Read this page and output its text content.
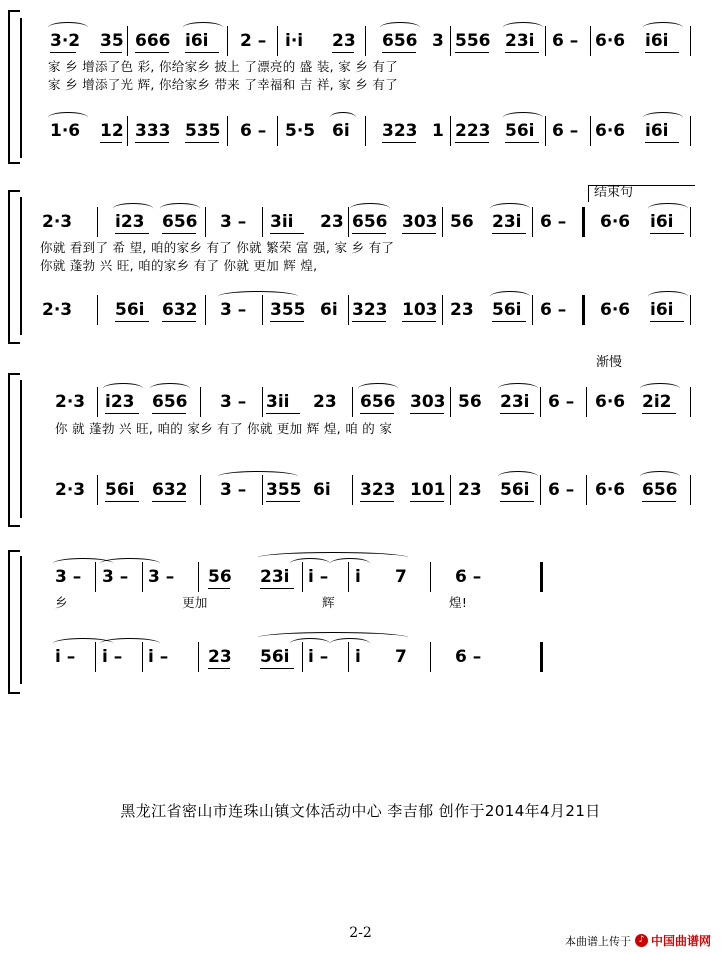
3·2 35 666 i6i 2 – i·i 23 656 3 556 23i 6 – 6·6 i6i
家 乡 增添了色 彩, 你给家乡 披上 了漂亮的 盛 装, 家 乡 有了
家 乡 增添了光 辉, 你给家乡 带来 了幸福和 吉 祥, 家 乡 有了
1·6 12 333 535 6 – 5·5 6i 323 1 223 56i 6 – 6·6 i6i
结束句
2·3	i23 656 3 – 3ii 23 656 303 56 23i 6 – 6·6 i6i
你就 看到了 希 望, 咱的家乡 有了 你就 繁荣 富 强, 家 乡 有了
你就 蓬勃 兴 旺, 咱的家乡 有了 你就 更加 辉 煌,
2·3	56i 632 3 – 355 6i 323 103 23 56i 6 – 6·6 i6i
渐慢
2·3 i23 656 3 – 3ii 23 656 303 56 23i 6 – 6·6 2i2
你 就 蓬勃 兴 旺, 咱的 家乡 有了 你就 更加 辉 煌, 咱 的 家
2·3 56i 632 3 – 355 6i 323 101 23 56i 6 – 6·6 656
3 – 3 – 3 – 56 23i i – i 7	6 –
乡 更加 辉 煌!
i – i – i – 23 56i i – i 7	6 –
黑龙江省密山市连珠山镇文体活动中心 李吉郁 创作于2014年4月21日
2-2	本曲谱上传于 ♪ 中国曲谱网
